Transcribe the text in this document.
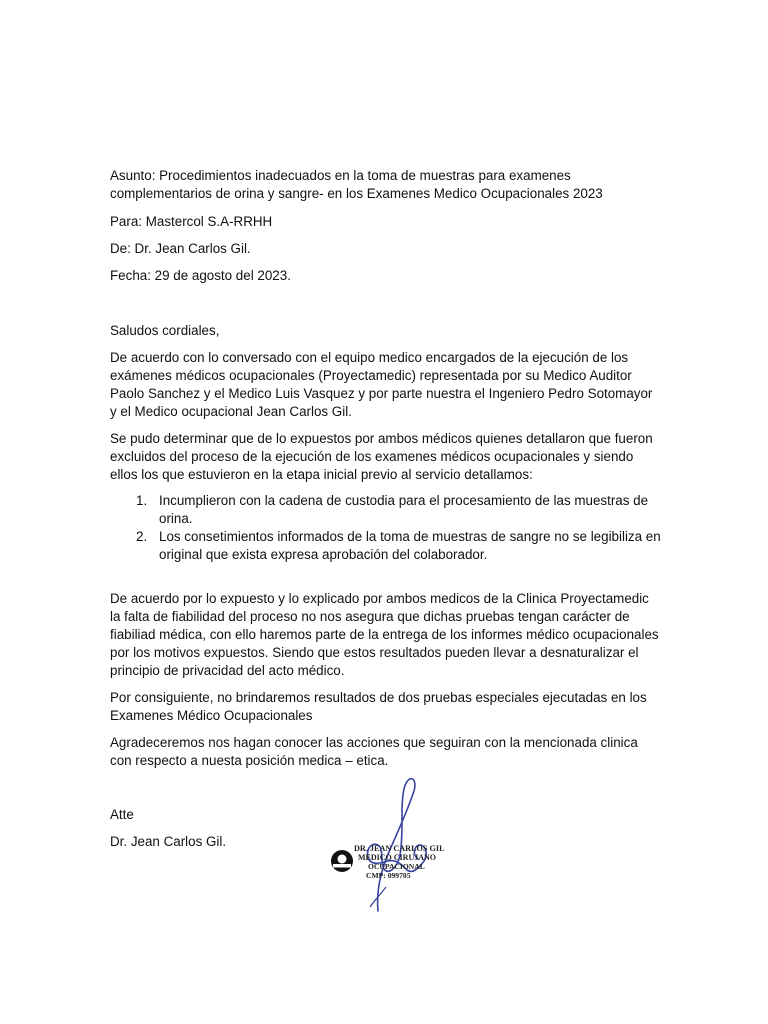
Asunto: Procedimientos inadecuados en la toma de muestras para examenes complementarios de orina y sangre- en los Examenes Medico Ocupacionales 2023

Para: Mastercol S.A-RRHH

De: Dr. Jean Carlos Gil.

Fecha: 29 de agosto del 2023.

Saludos cordiales,

De acuerdo con lo conversado con el equipo medico encargados de la ejecución de los exámenes médicos ocupacionales (Proyectamedic) representada por su Medico Auditor Paolo Sanchez y el Medico Luis Vasquez y por parte nuestra el Ingeniero Pedro Sotomayor y el Medico ocupacional Jean Carlos Gil.

Se pudo determinar que de lo expuestos por ambos médicos quienes detallaron que fueron excluidos del proceso de la ejecución de los examenes médicos ocupacionales y siendo ellos los que estuvieron en la etapa inicial previo al servicio detallamos:

1. Incumplieron con la cadena de custodia para el procesamiento de las muestras de orina.
2. Los consetimientos informados de la toma de muestras de sangre no se legibiliza en original que exista expresa aprobación del colaborador.

De acuerdo por lo expuesto y lo explicado por ambos medicos de la Clinica Proyectamedic la falta de fiabilidad del proceso no nos asegura que dichas pruebas tengan carácter de fiabiliad médica, con ello haremos parte de la entrega de los informes médico ocupacionales por los motivos expuestos. Siendo que estos resultados pueden llevar a desnaturalizar el principio de privacidad del acto médico.

Por consiguiente, no brindaremos resultados de dos pruebas especiales ejecutadas en los Examenes Médico Ocupacionales

Agradeceremos nos hagan conocer las acciones que seguiran con la mencionada clinica con respecto a nuesta posición medica – etica.

Atte

Dr. Jean Carlos Gil.	DR. JEAN CARLOS GIL
MEDICO CIRUJANO
OCUPACIONAL
CMP: 099705
